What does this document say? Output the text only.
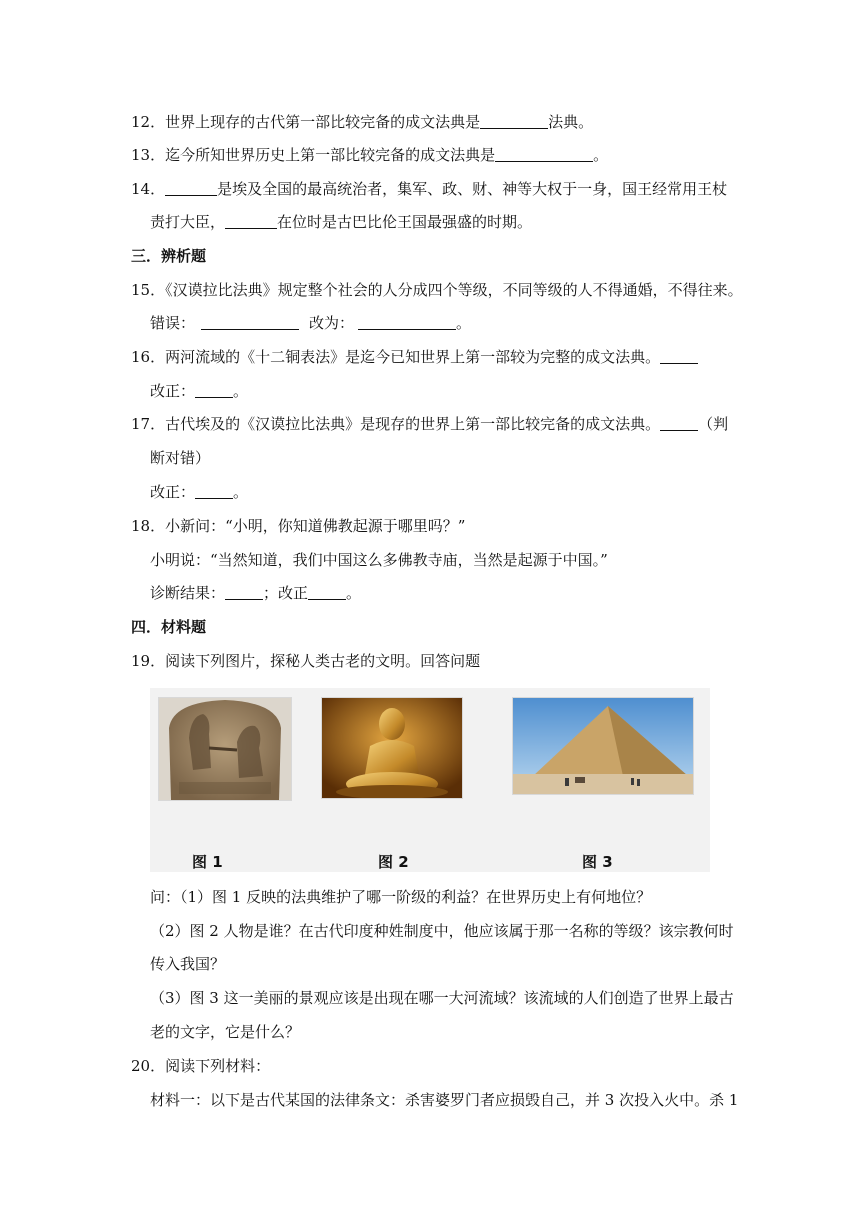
12．世界上现存的古代第一部比较完备的成文法典是	法典。
13．迄今所知世界历史上第一部比较完备的成文法典是	。
14．	是埃及全国的最高统治者，集军、政、财、神等大权于一身，国王经常用王杖
责打大臣，	在位时是古巴比伦王国最强盛的时期。
三．辨析题
15．《汉谟拉比法典》规定整个社会的人分成四个等级，不同等级的人不得通婚，不得往来。
错误：	改为：	。
16．两河流域的《十二铜表法》是迄今已知世界上第一部较为完整的成文法典。
改正：	。
17．古代埃及的《汉谟拉比法典》是现存的世界上第一部比较完备的成文法典。	（判
断对错）
改正：	。
18．小新问：“小明，你知道佛教起源于哪里吗？”
小明说：“当然知道，我们中国这么多佛教寺庙，当然是起源于中国。”
诊断结果：	；改正	。
四．材料题
19．阅读下列图片，探秘人类古老的文明。回答问题
图 1	图 2	图 3
问：（1）图 1 反映的法典维护了哪一阶级的利益？在世界历史上有何地位？
（2）图 2 人物是谁？在古代印度种姓制度中，他应该属于那一名称的等级？该宗教何时
传入我国？
（3）图 3 这一美丽的景观应该是出现在哪一大河流域？该流域的人们创造了世界上最古
老的文字，它是什么？
20．阅读下列材料：
材料一：以下是古代某国的法律条文：杀害婆罗门者应损毁自己，并 3 次投入火中。杀 1
